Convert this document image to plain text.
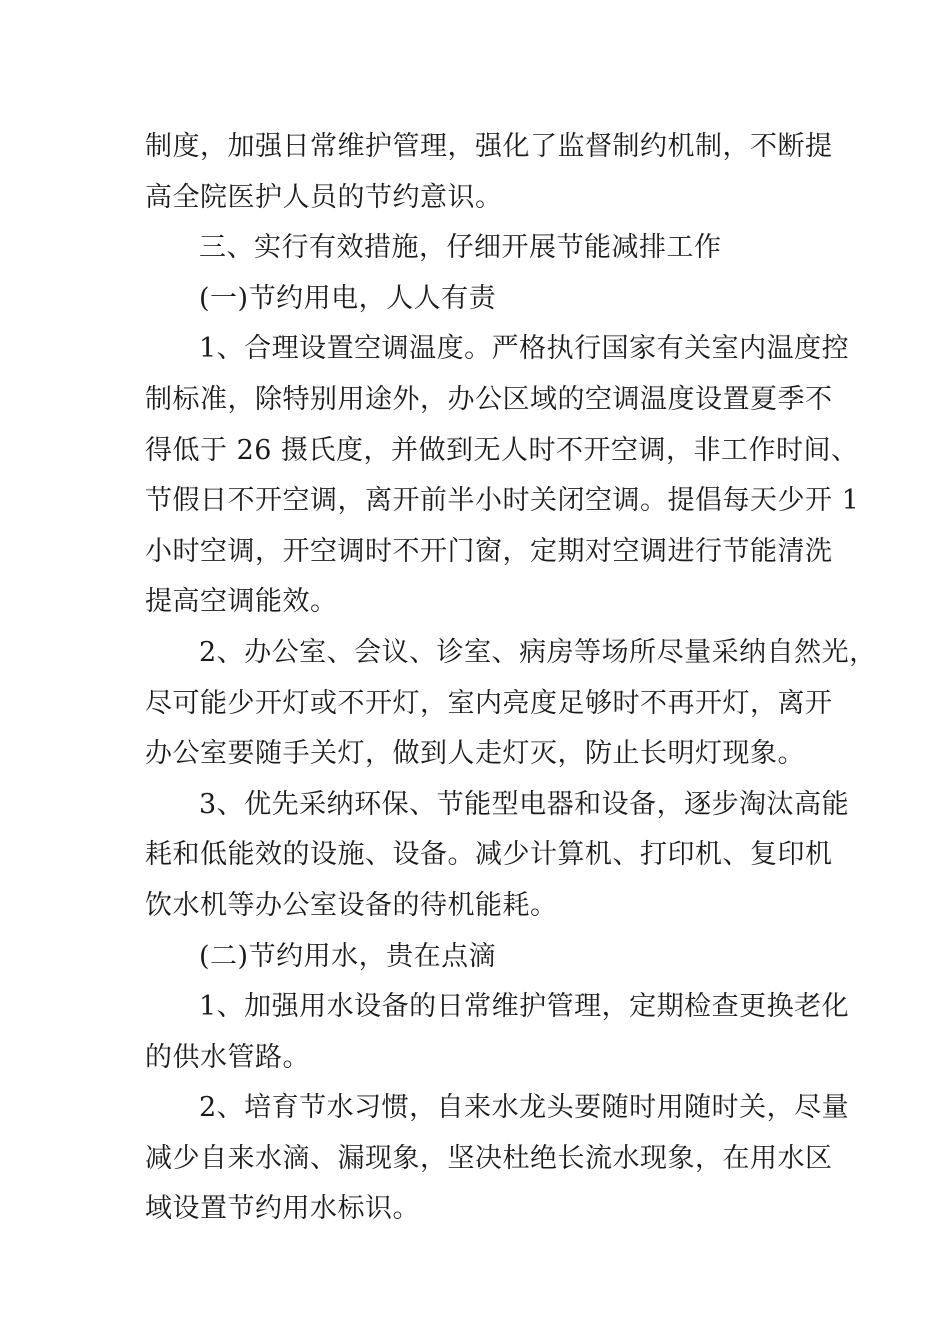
制度，加强日常维护管理，强化了监督制约机制，不断提
高全院医护人员的节约意识。
三、实行有效措施，仔细开展节能减排工作
(一)节约用电，人人有责
1、合理设置空调温度。严格执行国家有关室内温度控
制标准，除特别用途外，办公区域的空调温度设置夏季不
得低于 26 摄氏度，并做到无人时不开空调，非工作时间、
节假日不开空调，离开前半小时关闭空调。提倡每天少开 1
小时空调，开空调时不开门窗，定期对空调进行节能清洗
提高空调能效。
2、办公室、会议、诊室、病房等场所尽量采纳自然光，
尽可能少开灯或不开灯，室内亮度足够时不再开灯，离开
办公室要随手关灯，做到人走灯灭，防止长明灯现象。
3、优先采纳环保、节能型电器和设备，逐步淘汰高能
耗和低能效的设施、设备。减少计算机、打印机、复印机
饮水机等办公室设备的待机能耗。
(二)节约用水，贵在点滴
1、加强用水设备的日常维护管理，定期检查更换老化
的供水管路。
2、培育节水习惯，自来水龙头要随时用随时关，尽量
减少自来水滴、漏现象，坚决杜绝长流水现象，在用水区
域设置节约用水标识。
